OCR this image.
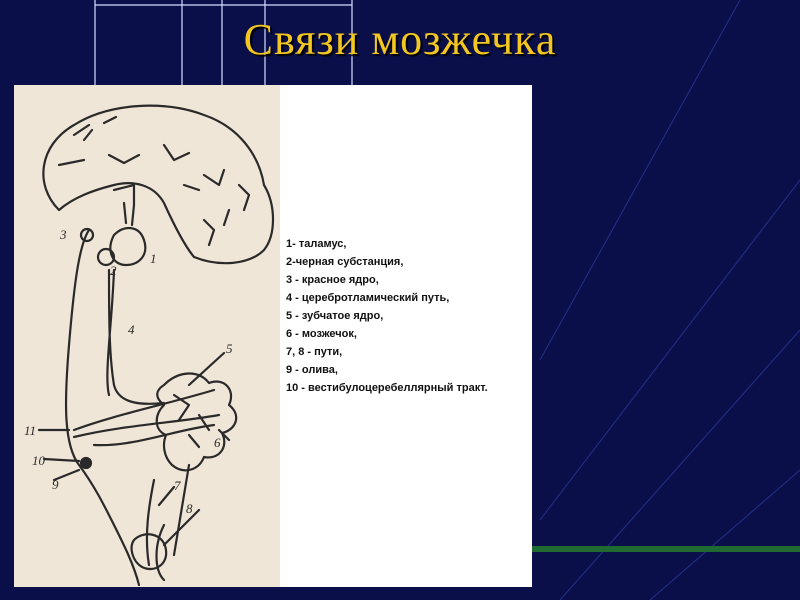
Связи мозжечка
1
2
3
4
5
6
7
8
9
10
11
1- таламус,
2-черная субстанция,
3 - красное ядро,
4 - церебротламический путь,
5 - зубчатое ядро,
6 - мозжечок,
7, 8 - пути,
9 - олива,
10 - вестибулоцеребеллярный тракт.
